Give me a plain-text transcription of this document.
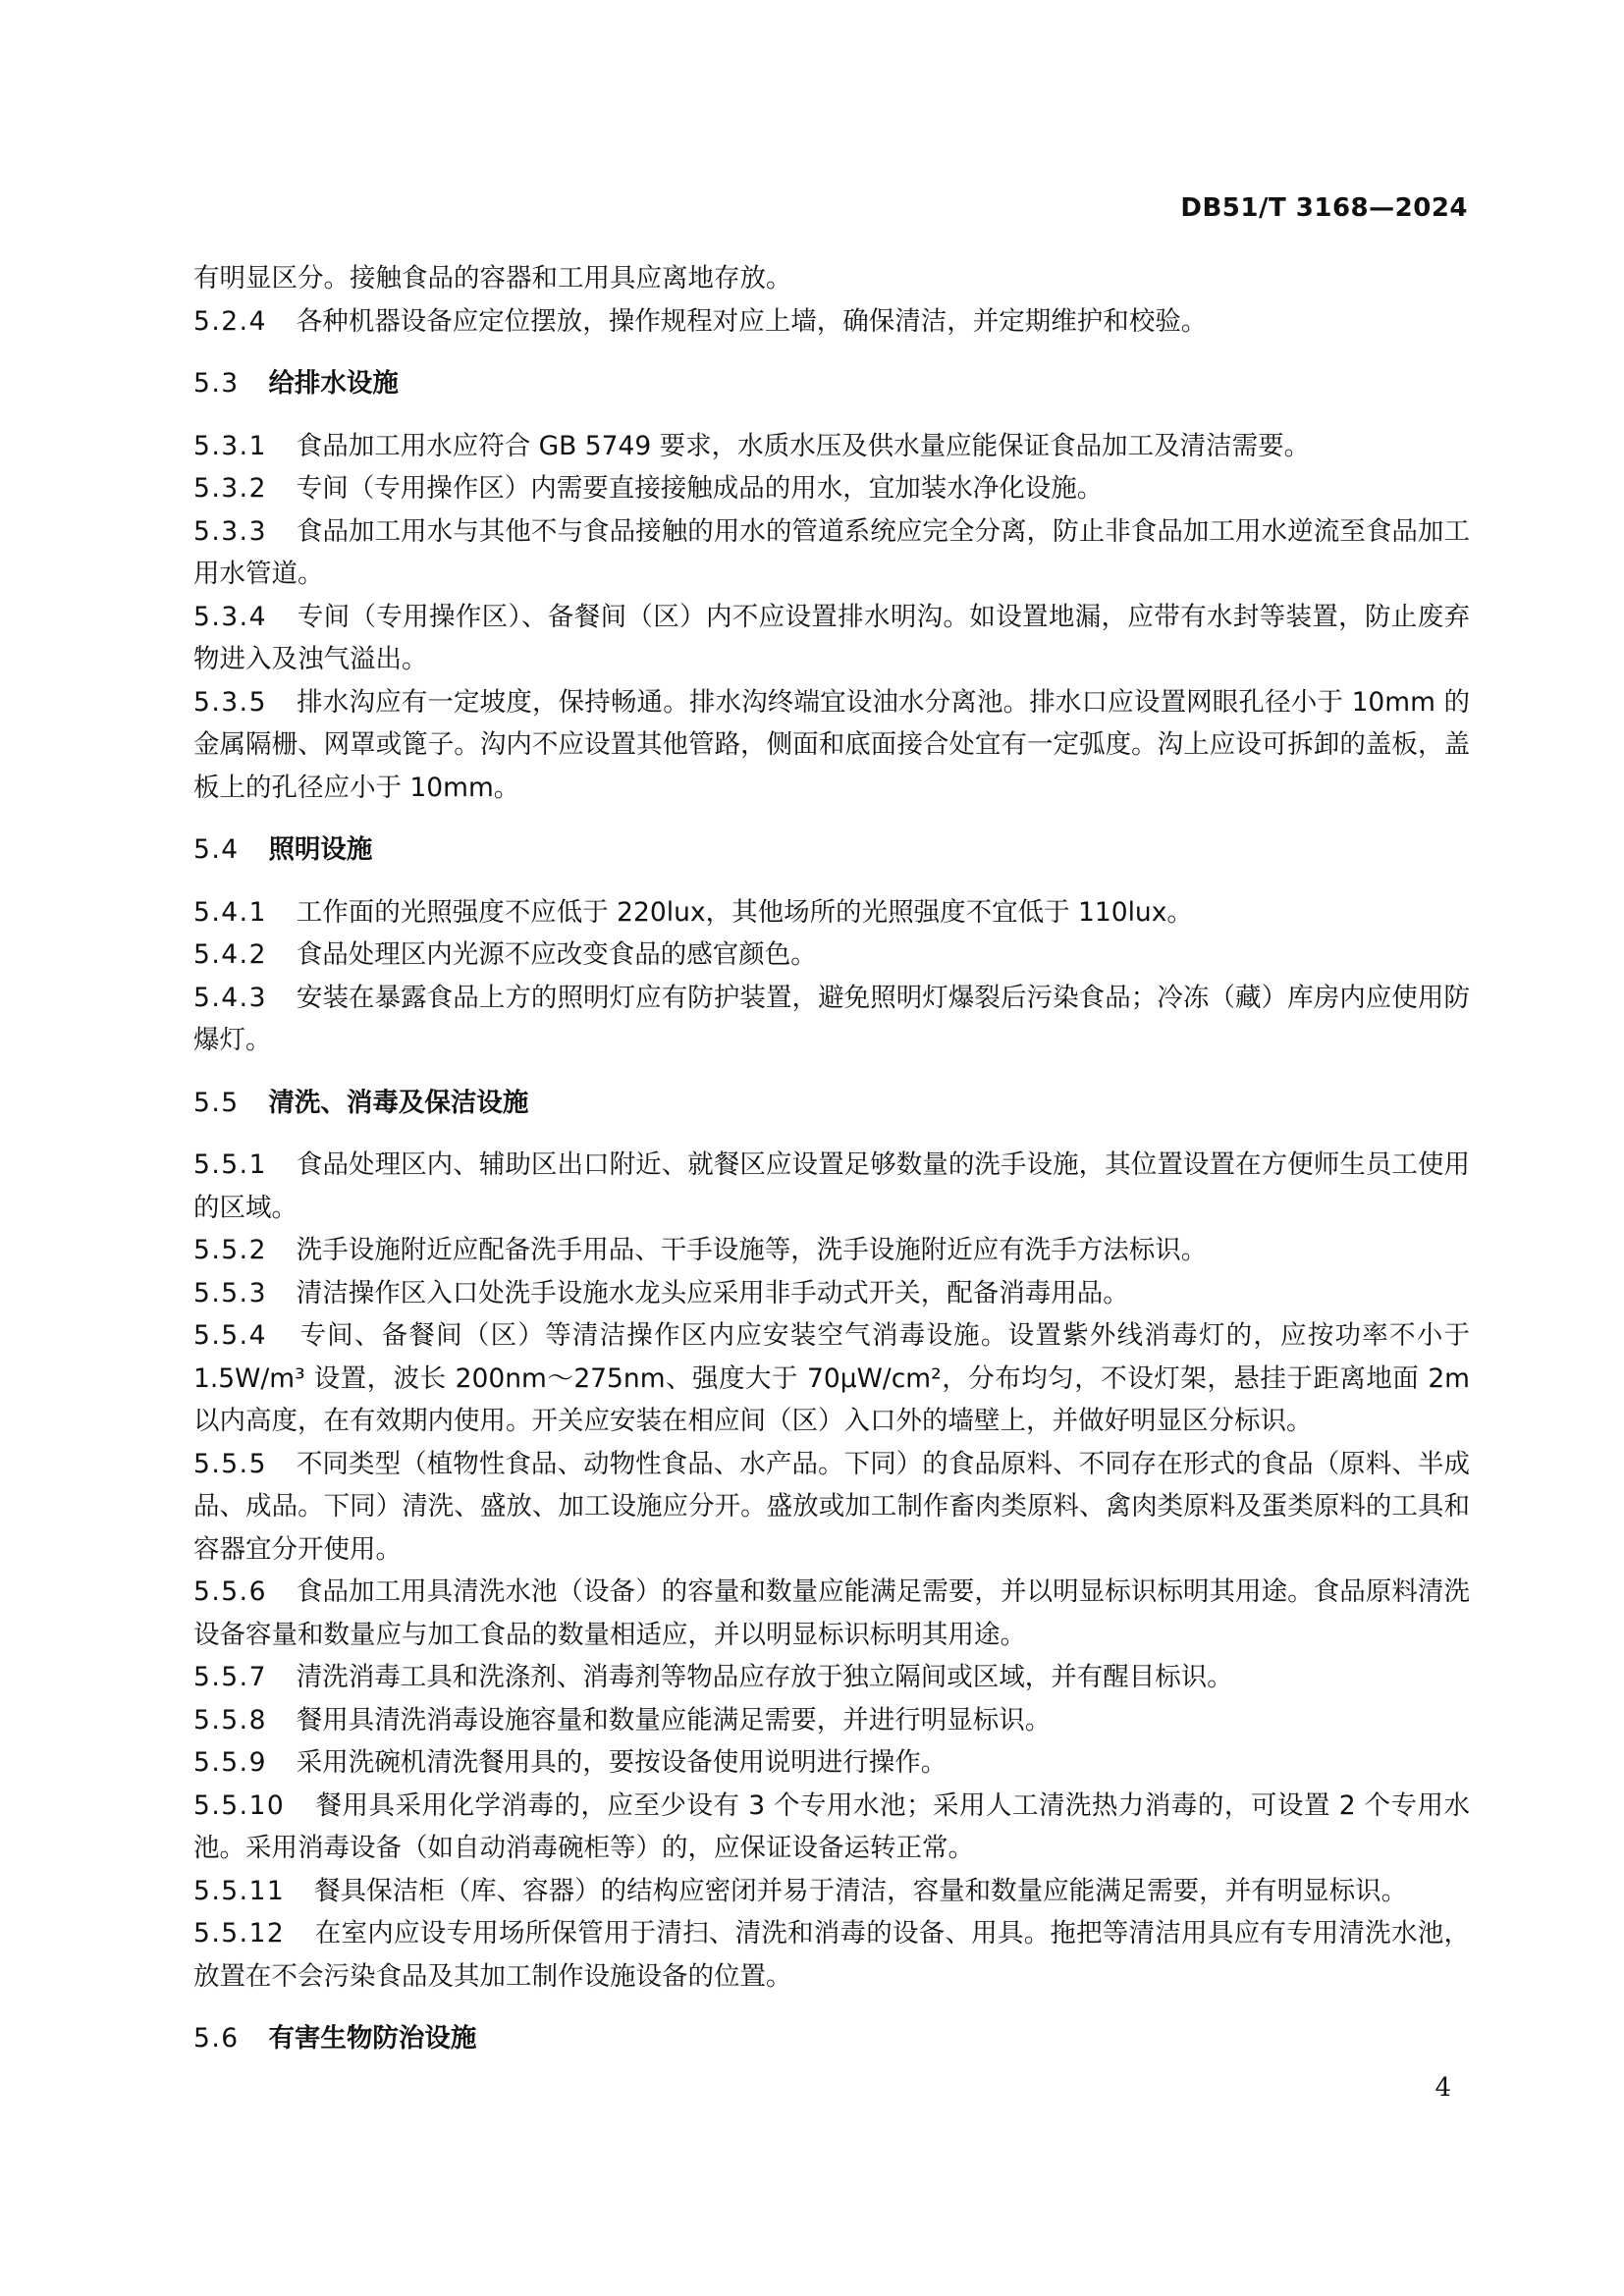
DB51/T 3168—2024
有明显区分。接触食品的容器和工用具应离地存放。
5.2.4 各种机器设备应定位摆放，操作规程对应上墙，确保清洁，并定期维护和校验。
5.3 给排水设施
5.3.1 食品加工用水应符合 GB 5749 要求，水质水压及供水量应能保证食品加工及清洁需要。
5.3.2 专间（专用操作区）内需要直接接触成品的用水，宜加装水净化设施。
5.3.3 食品加工用水与其他不与食品接触的用水的管道系统应完全分离，防止非食品加工用水逆流至食品加工用水管道。
5.3.4 专间（专用操作区）、备餐间（区）内不应设置排水明沟。如设置地漏，应带有水封等装置，防止废弃物进入及浊气溢出。
5.3.5 排水沟应有一定坡度，保持畅通。排水沟终端宜设油水分离池。排水口应设置网眼孔径小于 10mm 的金属隔栅、网罩或篦子。沟内不应设置其他管路，侧面和底面接合处宜有一定弧度。沟上应设可拆卸的盖板，盖板上的孔径应小于 10mm。
5.4 照明设施
5.4.1 工作面的光照强度不应低于 220lux，其他场所的光照强度不宜低于 110lux。
5.4.2 食品处理区内光源不应改变食品的感官颜色。
5.4.3 安装在暴露食品上方的照明灯应有防护装置，避免照明灯爆裂后污染食品；冷冻（藏）库房内应使用防爆灯。
5.5 清洗、消毒及保洁设施
5.5.1 食品处理区内、辅助区出口附近、就餐区应设置足够数量的洗手设施，其位置设置在方便师生员工使用的区域。
5.5.2 洗手设施附近应配备洗手用品、干手设施等，洗手设施附近应有洗手方法标识。
5.5.3 清洁操作区入口处洗手设施水龙头应采用非手动式开关，配备消毒用品。
5.5.4 专间、备餐间（区）等清洁操作区内应安装空气消毒设施。设置紫外线消毒灯的，应按功率不小于 1.5W/m³ 设置，波长 200nm～275nm、强度大于 70μW/cm²，分布均匀，不设灯架，悬挂于距离地面 2m 以内高度，在有效期内使用。开关应安装在相应间（区）入口外的墙壁上，并做好明显区分标识。
5.5.5 不同类型（植物性食品、动物性食品、水产品。下同）的食品原料、不同存在形式的食品（原料、半成品、成品。下同）清洗、盛放、加工设施应分开。盛放或加工制作畜肉类原料、禽肉类原料及蛋类原料的工具和容器宜分开使用。
5.5.6 食品加工用具清洗水池（设备）的容量和数量应能满足需要，并以明显标识标明其用途。食品原料清洗设备容量和数量应与加工食品的数量相适应，并以明显标识标明其用途。
5.5.7 清洗消毒工具和洗涤剂、消毒剂等物品应存放于独立隔间或区域，并有醒目标识。
5.5.8 餐用具清洗消毒设施容量和数量应能满足需要，并进行明显标识。
5.5.9 采用洗碗机清洗餐用具的，要按设备使用说明进行操作。
5.5.10 餐用具采用化学消毒的，应至少设有 3 个专用水池；采用人工清洗热力消毒的，可设置 2 个专用水池。采用消毒设备（如自动消毒碗柜等）的，应保证设备运转正常。
5.5.11 餐具保洁柜（库、容器）的结构应密闭并易于清洁，容量和数量应能满足需要，并有明显标识。
5.5.12 在室内应设专用场所保管用于清扫、清洗和消毒的设备、用具。拖把等清洁用具应有专用清洗水池，放置在不会污染食品及其加工制作设施设备的位置。
5.6 有害生物防治设施
4
